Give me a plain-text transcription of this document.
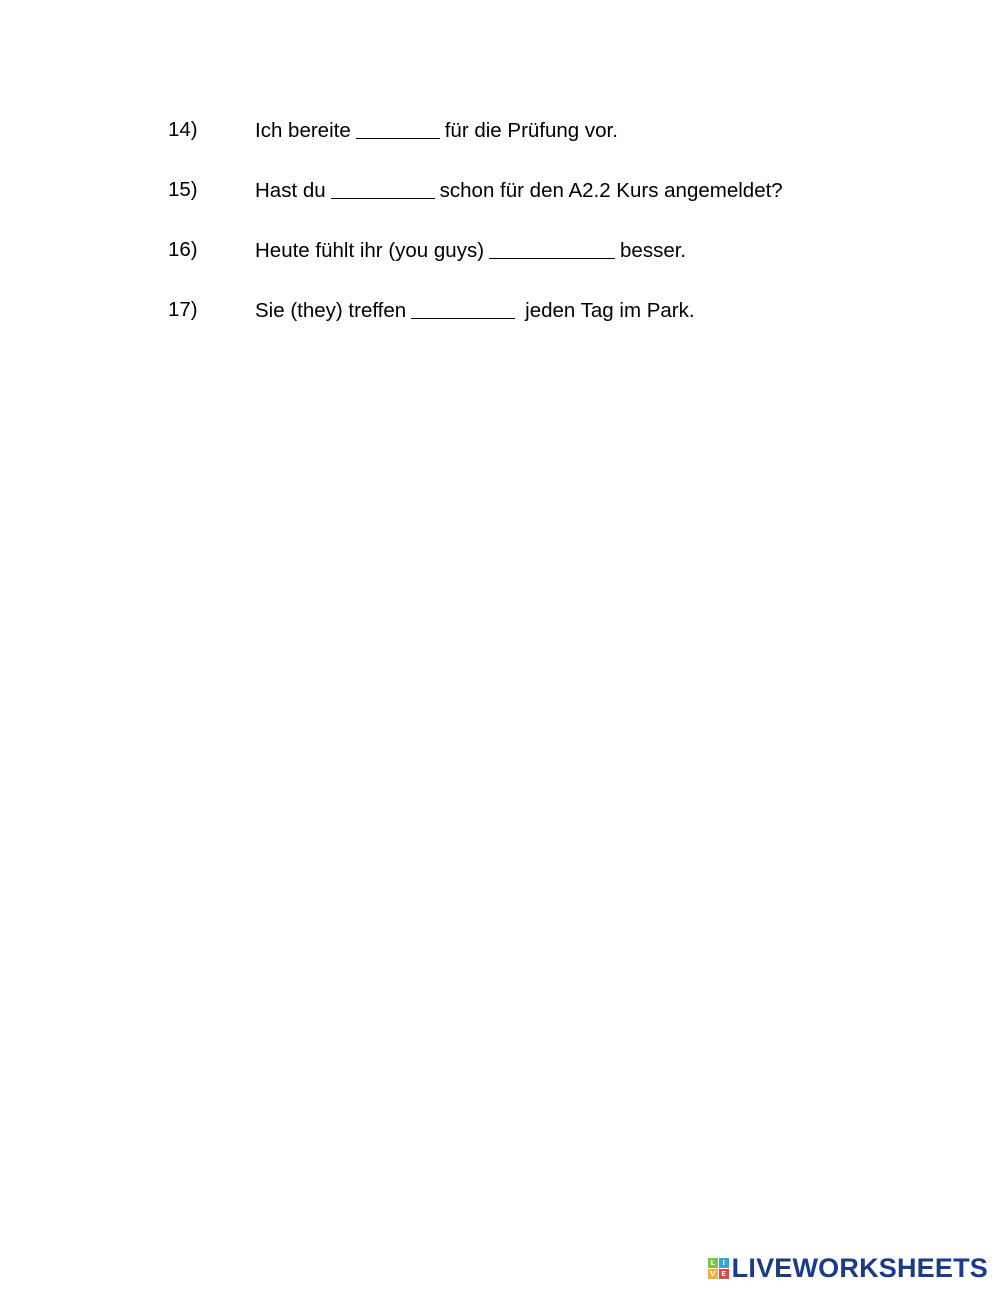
14)	Ich bereite	für die Prüfung vor.
15)	Hast du	schon für den A2.2 Kurs angemeldet?
16)	Heute fühlt ihr (you guys)	besser.
17)	Sie (they) treffen	jeden Tag im Park.
L	I
V E LIVEWORKSHEETS
